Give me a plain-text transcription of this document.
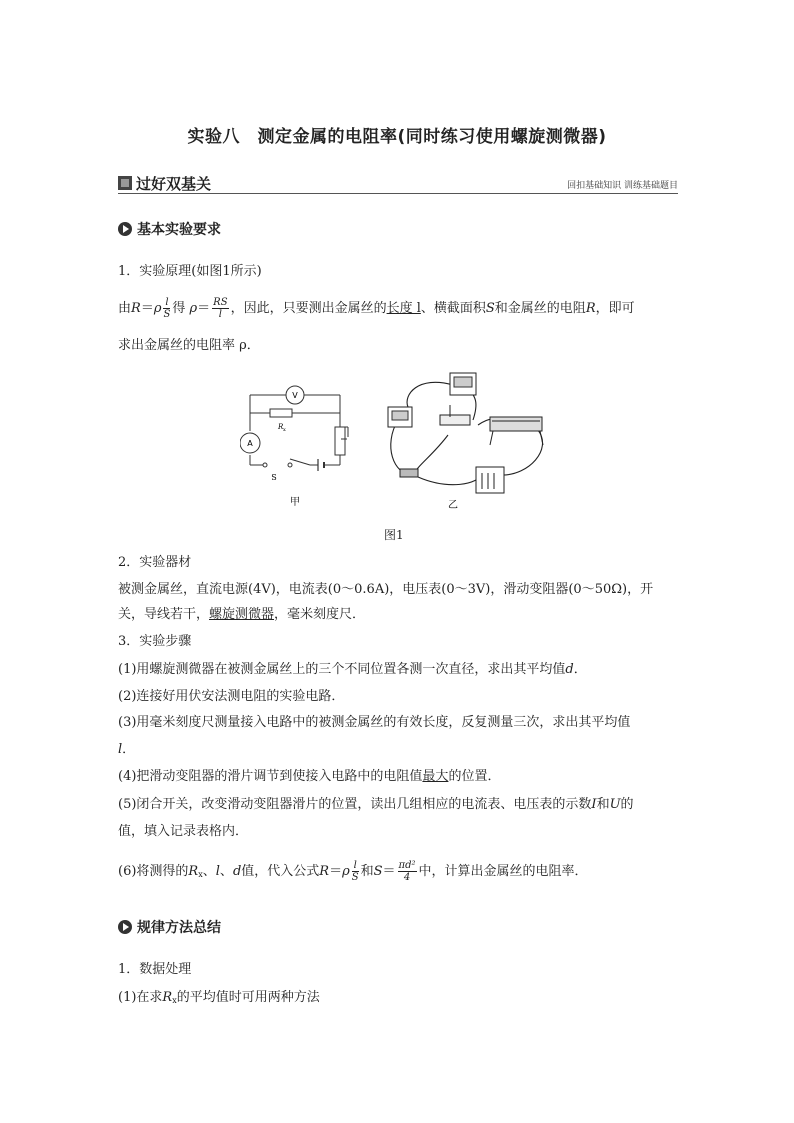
实验八　测定金属的电阻率(同时练习使用螺旋测微器)
过好双基关	回扣基础知识 训练基础题目
基本实验要求
1．实验原理(如图1所示)
由$R=\rho \frac{l}{S}$ 得 $\rho= \frac{RS}{l}$ ，因此，只要测出金属丝的长度 l、横截面积S和金属丝的电阻R，即可
求出金属丝的电阻率 ρ．
V
A
R x
S
甲	乙
图1
2．实验器材
被测金属丝，直流电源(4V)，电流表(0～0.6A)，电压表(0～3V)，滑动变阻器(0～50Ω)，开
关，导线若干，螺旋测微器，毫米刻度尺．
3．实验步骤
(1)用螺旋测微器在被测金属丝上的三个不同位置各测一次直径，求出其平均值d．
(2)连接好用伏安法测电阻的实验电路．
(3)用毫米刻度尺测量接入电路中的被测金属丝的有效长度，反复测量三次，求出其平均值
l．
(4)把滑动变阻器的滑片调节到使接入电路中的电阻值最大的位置．
(5)闭合开关，改变滑动变阻器滑片的位置，读出几组相应的电流表、电压表的示数I和U的
值，填入记录表格内．
(6)将测得的$R_x$、l、d值，代入公式$R=\rho \frac{l}{S}$ 和$S= \frac{\text{πd²}}{4}$ 中，计算出金属丝的电阻率．
规律方法总结
1．数据处理
(1)在求$R_x$的平均值时可用两种方法
